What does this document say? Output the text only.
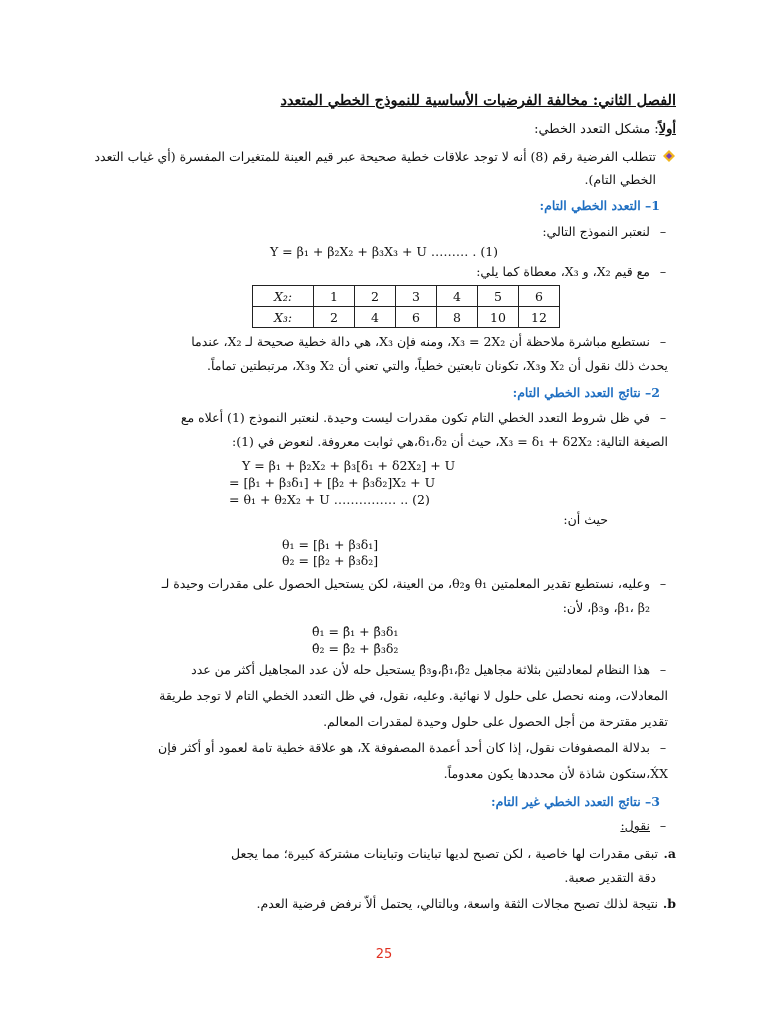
الفصل الثاني: مخالفة الفرضيات الأساسية للنموذج الخطي المتعدد
أولاً: مشكل التعدد الخطي:
تتطلب الفرضية رقم (8) أنه لا توجد علاقات خطية صحيحة عبر قيم العينة للمتغيرات المفسرة (أي غياب التعدد
الخطي التام).
1– التعدد الخطي التام:
–لنعتبر النموذج التالي:
Y = β₁ + β₂X₂ + β₃X₃ + U ……… . (1)
–مع قيم X₂، و X₃، معطاة كما يلي:
X₂:	1	2	3	4	5	6
X₃:	2	4	6	8	10	12
–نستطيع مباشرة ملاحظة أن X₃ = 2X₂، ومنه فإن X₃، هي دالة خطية صحيحة لـ X₂، عندما
يحدث ذلك نقول أن X₂ وX₃، تكونان تابعتين خطياً، والتي تعني أن X₂ وX₃، مرتبطتين تماماً.
2– نتائج التعدد الخطي التام:
–في ظل شروط التعدد الخطي التام تكون مقدرات ليست وحيدة. لنعتبر النموذج (1) أعلاه مع
الصيغة التالية: X₃ = δ₁ + δ2X₂، حيث أن δ₁،δ₂،هي ثوابت معروفة. لنعوض في (1):
Y = β₁ + β₂X₂ + β₃[δ₁ + δ2X₂] + U
= [β₁ + β₃δ₁] + [β₂ + β₃δ₂]X₂ + U
= θ₁ + θ₂X₂ + U …………… .. (2)
حيث أن:
θ₁ = [β₁ + β₃δ₁]
θ₂ = [β₂ + β₃δ₂]
–وعليه، نستطيع تقدير المعلمتين θ₁ وθ₂، من العينة، لكن يستحيل الحصول على مقدرات وحيدة لـ
β₁، β₂، وβ₃، لأن:
θ̂₁ = β̂₁ + β̂₃δ₁
θ̂₂ = β̂₂ + β̂₃δ₂
–هذا النظام لمعادلتين بثلاثة مجاهيل β̂₁،β̂₂،وβ̂₃ يستحيل حله لأن عدد المجاهيل أكثر من عدد
المعادلات، ومنه نحصل على حلول لا نهائية. وعليه، نقول، في ظل التعدد الخطي التام لا توجد طريقة
تقدير مقترحة من أجل الحصول على حلول وحيدة لمقدرات المعالم.
–بدلالة المصفوفات نقول، إذا كان أحد أعمدة المصفوفة X، هو علاقة خطية تامة لعمود أو أكثر فإن
X́X،ستكون شاذة لأن محددها يكون معدوماً.
3– نتائج التعدد الخطي غير التام:
–نقول:
a.تبقى مقدرات لها خاصية ، لكن تصبح لديها تباينات وتباينات مشتركة كبيرة؛ مما يجعل
دقة التقدير صعبة.
b.نتيجة لذلك تصبح مجالات الثقة واسعة، وبالتالي، يحتمل ألاّ نرفض فرضية العدم.
25
